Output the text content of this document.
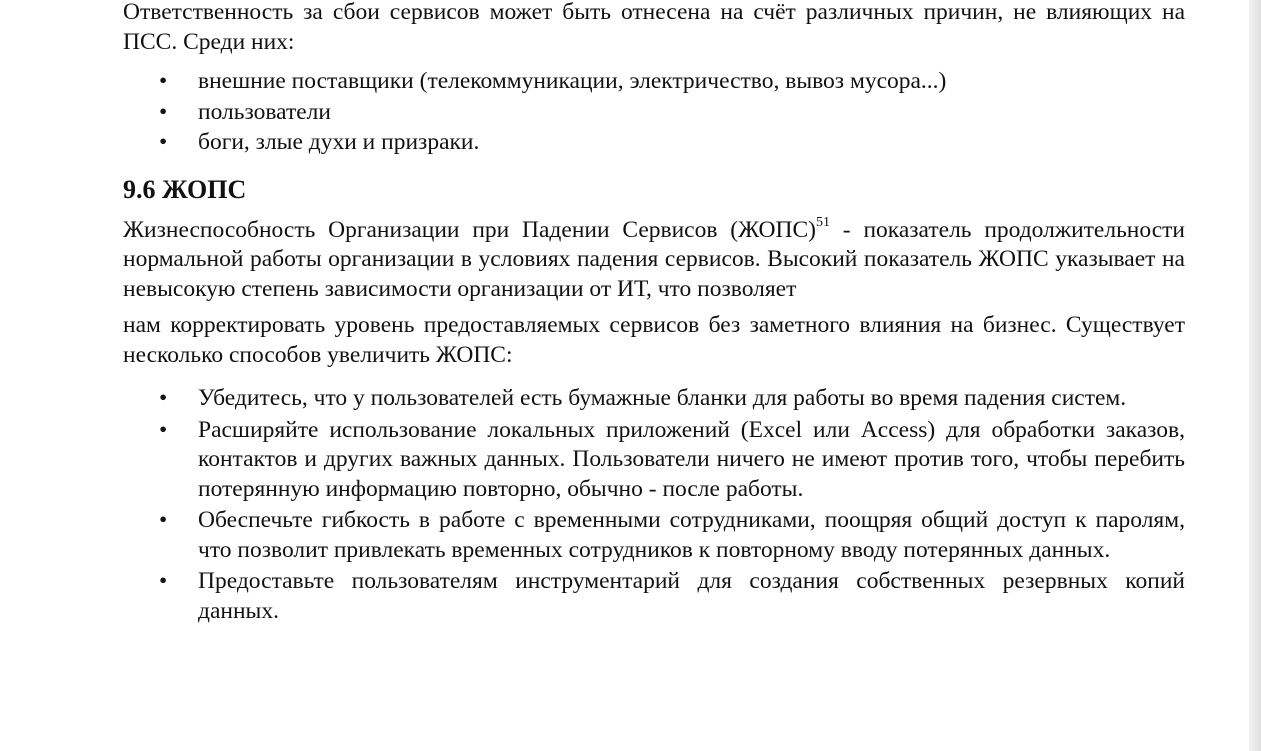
Ответственность за сбои сервисов может быть отнесена на счёт различных причин, не влияющих на ПСС. Среди них:

• внешние поставщики (телекоммуникации, электричество, вывоз мусора...)
• пользователи
• боги, злые духи и призраки.
9.6 ЖОПС

Жизнеспособность Организации при Падении Сервисов (ЖОПС)$^{51}$ - показатель продолжительности нормальной работы организации в условиях падения сервисов. Высокий показатель ЖОПС указывает на невысокую степень зависимости организации от ИТ, что позволяет

нам корректировать уровень предоставляемых сервисов без заметного влияния на бизнес. Существует несколько способов увеличить ЖОПС:

• Убедитесь, что у пользователей есть бумажные бланки для работы во время падения систем.
• Расширяйте использование локальных приложений (Excel или Access) для обработки заказов, контактов и других важных данных. Пользователи ничего не имеют против того, чтобы перебить потерянную информацию повторно, обычно - после работы.
• Обеспечьте гибкость в работе с временными сотрудниками, поощряя общий доступ к паролям, что позволит привлекать временных сотрудников к повторному вводу потерянных данных.
• Предоставьте пользователям инструментарий для создания собственных резервных копий данных.
